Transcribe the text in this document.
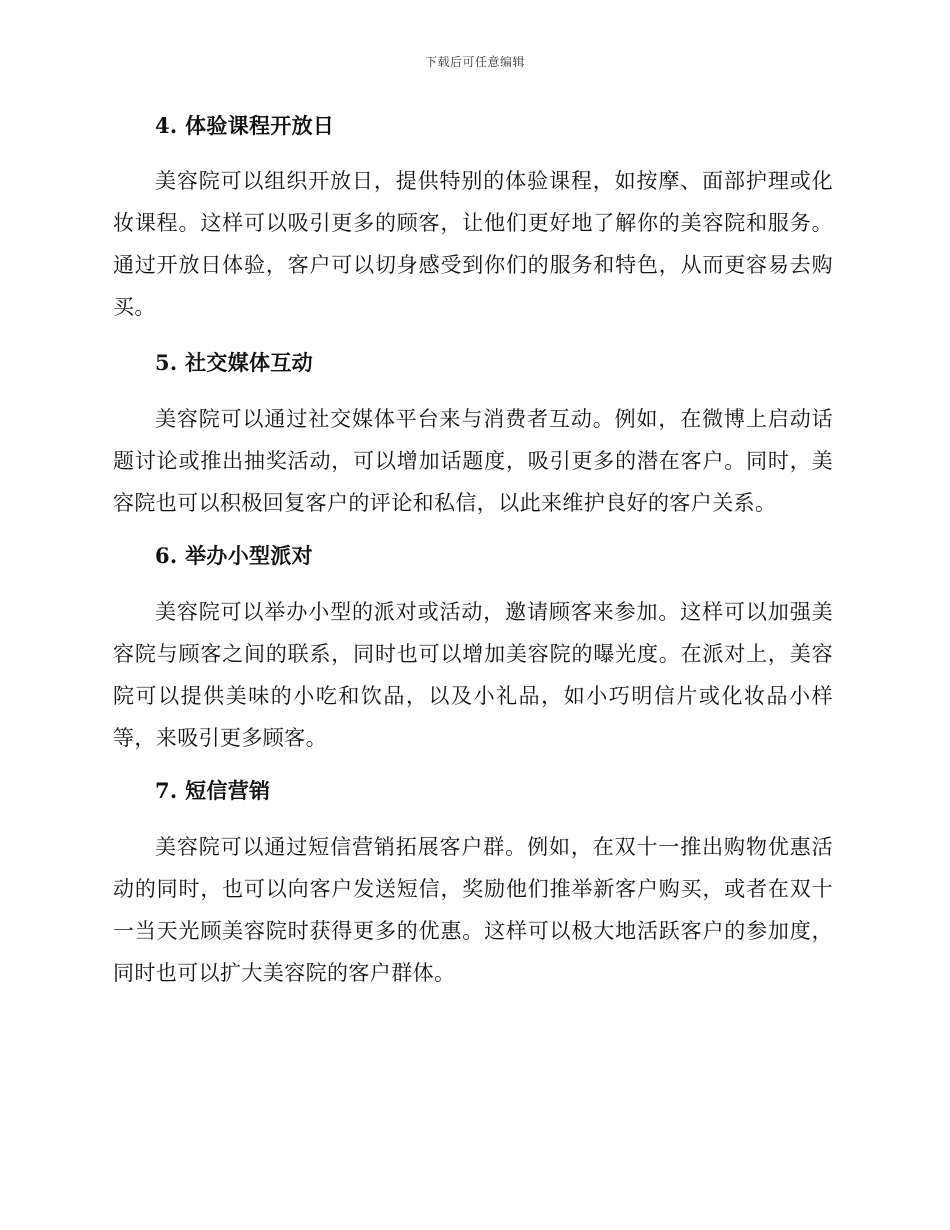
下载后可任意编辑
4. 体验课程开放日

美容院可以组织开放日，提供特别的体验课程，如按摩、面部护理或化妆课程。这样可以吸引更多的顾客，让他们更好地了解你的美容院和服务。通过开放日体验，客户可以切身感受到你们的服务和特色，从而更容易去购买。

5. 社交媒体互动

美容院可以通过社交媒体平台来与消费者互动。例如，在微博上启动话题讨论或推出抽奖活动，可以增加话题度，吸引更多的潜在客户。同时，美容院也可以积极回复客户的评论和私信，以此来维护良好的客户关系。

6. 举办小型派对

美容院可以举办小型的派对或活动，邀请顾客来参加。这样可以加强美容院与顾客之间的联系，同时也可以增加美容院的曝光度。在派对上，美容院可以提供美味的小吃和饮品，以及小礼品，如小巧明信片或化妆品小样等，来吸引更多顾客。

7. 短信营销

美容院可以通过短信营销拓展客户群。例如，在双十一推出购物优惠活动的同时，也可以向客户发送短信，奖励他们推举新客户购买，或者在双十一当天光顾美容院时获得更多的优惠。这样可以极大地活跃客户的参加度，同时也可以扩大美容院的客户群体。
